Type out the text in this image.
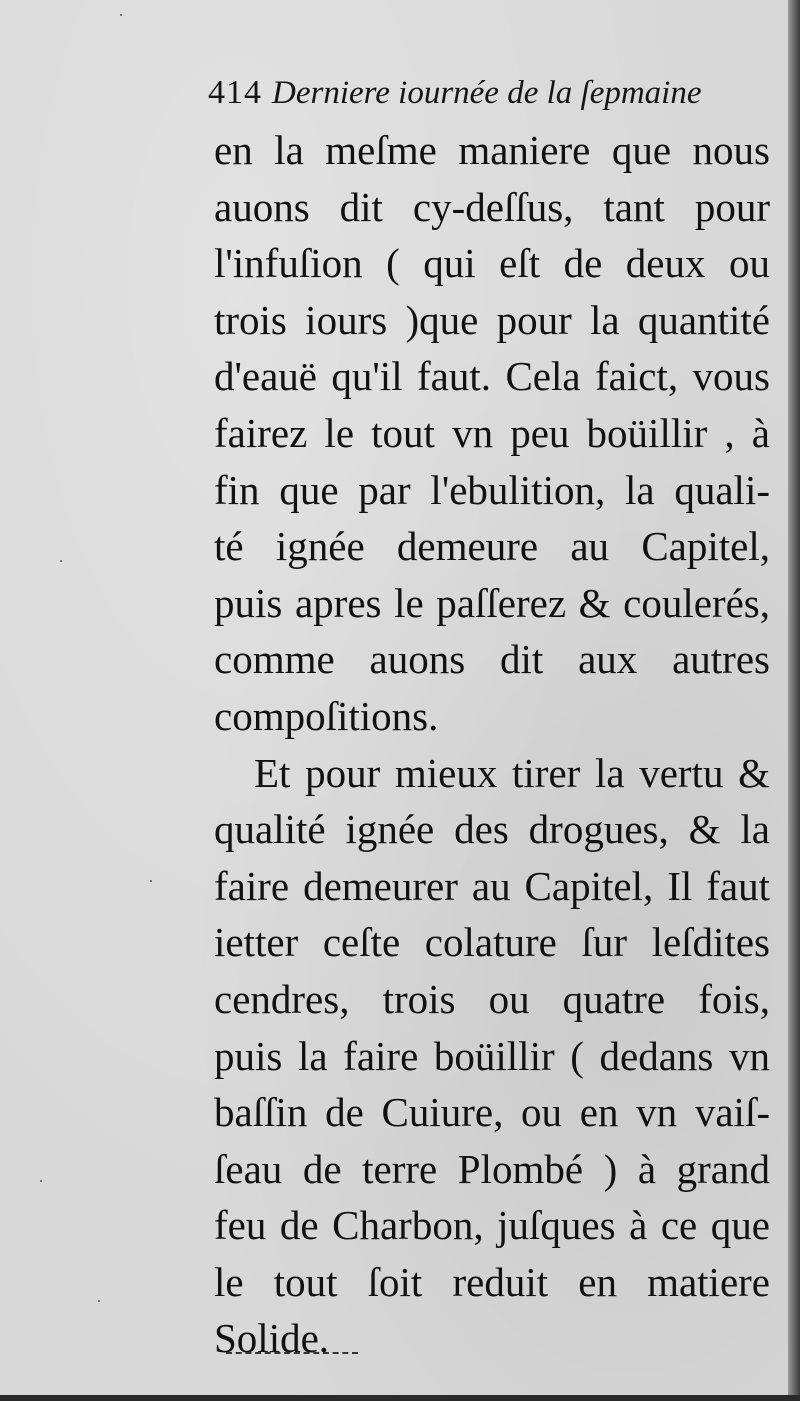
414 Derniere iournée de la ſepmaine
en la meſme maniere que nous
auons dit cy-deſſus, tant pour
l'infuſion ( qui eſt de deux ou
trois iours )que pour la quantité
d'eauë qu'il faut. Cela faict, vous
fairez le tout vn peu boüillir , à
fin que par l'ebulition, la quali-
té ignée demeure au Capitel,
puis apres le paſſerez & coulerés,
comme auons dit aux autres
compoſitions.
Et pour mieux tirer la vertu &
qualité ignée des drogues, & la
faire demeurer au Capitel, Il faut
ietter ceſte colature ſur leſdites
cendres, trois ou quatre fois,
puis la faire boüillir ( dedans vn
baſſin de Cuiure, ou en vn vaiſ-
ſeau de terre Plombé ) à grand
feu de Charbon, juſques à ce que
le tout ſoit reduit en matiere
Solide.
